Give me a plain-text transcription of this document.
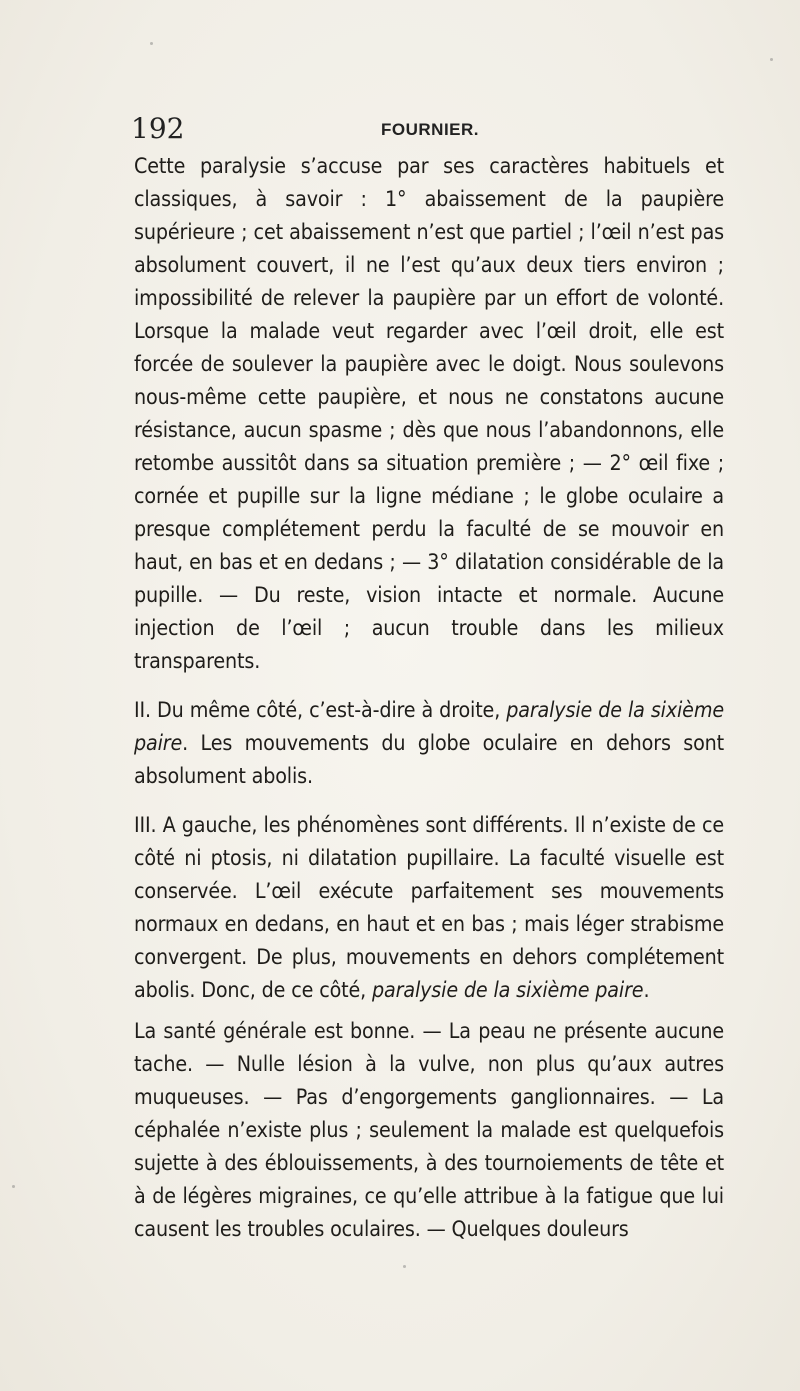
192	FOURNIER.

Cette paralysie s’accuse par ses caractères habituels et classiques, à savoir : 1° abaissement de la paupière supérieure ; cet abaissement n’est que partiel ; l’œil n’est pas absolument couvert, il ne l’est qu’aux deux tiers environ ; impossibilité de relever la paupière par un effort de volonté. Lorsque la malade veut regarder avec l’œil droit, elle est forcée de soulever la paupière avec le doigt. Nous soulevons nous-même cette paupière, et nous ne constatons aucune résistance, aucun spasme ; dès que nous l’abandonnons, elle retombe aussitôt dans sa situation première ; — 2° œil fixe ; cornée et pupille sur la ligne médiane ; le globe oculaire a presque complétement perdu la faculté de se mouvoir en haut, en bas et en dedans ; — 3° dilatation considérable de la pupille. — Du reste, vision intacte et normale. Aucune injection de l’œil ; aucun trouble dans les milieux transparents.

II. Du même côté, c’est-à-dire à droite, paralysie de la sixième paire. Les mouvements du globe oculaire en dehors sont absolument abolis.

III. A gauche, les phénomènes sont différents. Il n’existe de ce côté ni ptosis, ni dilatation pupillaire. La faculté visuelle est conservée. L’œil exécute parfaitement ses mouvements normaux en dedans, en haut et en bas ; mais léger strabisme convergent. De plus, mouvements en dehors complétement abolis. Donc, de ce côté, paralysie de la sixième paire.

La santé générale est bonne. — La peau ne présente aucune tache. — Nulle lésion à la vulve, non plus qu’aux autres muqueuses. — Pas d’engorgements ganglionnaires. — La céphalée n’existe plus ; seulement la malade est quelquefois sujette à des éblouissements, à des tournoiements de tête et à de légères migraines, ce qu’elle attribue à la fatigue que lui causent les troubles oculaires. — Quelques douleurs
